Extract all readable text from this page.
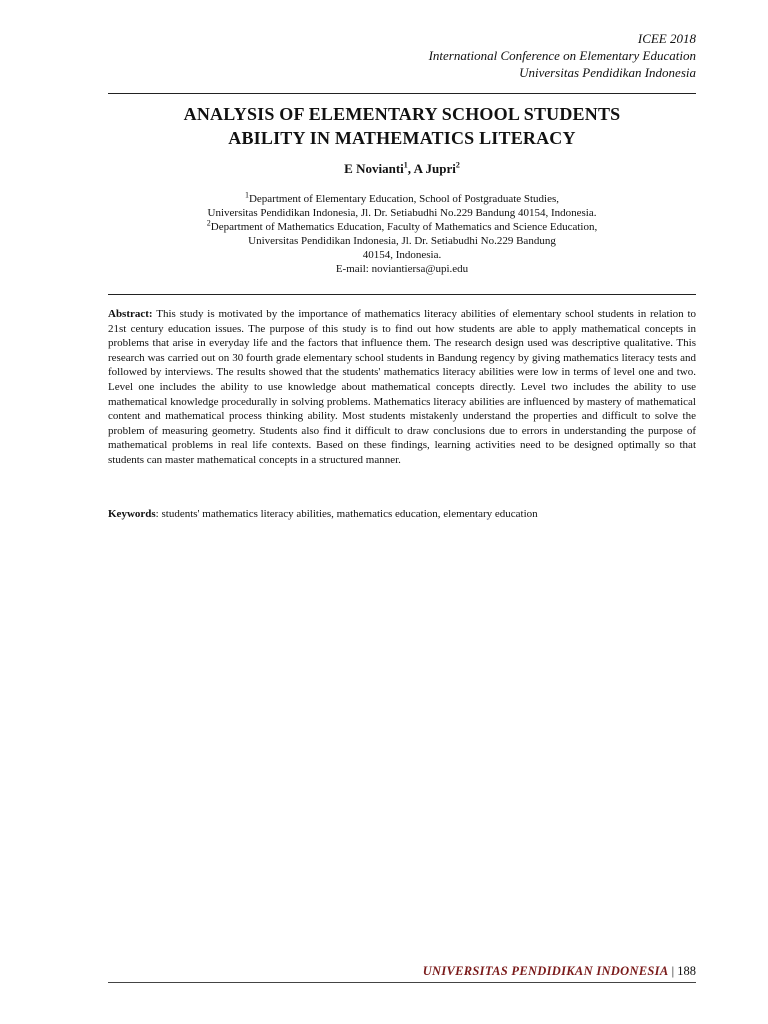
ICEE 2018
International Conference on Elementary Education
Universitas Pendidikan Indonesia
ANALYSIS OF ELEMENTARY SCHOOL STUDENTS
ABILITY IN MATHEMATICS LITERACY
E Novianti$^1$, A Jupri$^2$
$^1$Department of Elementary Education, School of Postgraduate Studies,
Universitas Pendidikan Indonesia, Jl. Dr. Setiabudhi No.229 Bandung 40154, Indonesia.
$^2$Department of Mathematics Education, Faculty of Mathematics and Science Education,
Universitas Pendidikan Indonesia, Jl. Dr. Setiabudhi No.229 Bandung
40154, Indonesia.
E-mail: noviantiersa@upi.edu
Abstract: This study is motivated by the importance of mathematics literacy abilities of elementary school students in relation to 21st century education issues. The purpose of this study is to find out how students are able to apply mathematical concepts in problems that arise in everyday life and the factors that influence them. The research design used was descriptive qualitative. This research was carried out on 30 fourth grade elementary school students in Bandung regency by giving mathematics literacy tests and followed by interviews. The results showed that the students' mathematics literacy abilities were low in terms of level one and two. Level one includes the ability to use knowledge about mathematical concepts directly. Level two includes the ability to use mathematical knowledge procedurally in solving problems. Mathematics literacy abilities are influenced by mastery of mathematical content and mathematical process thinking ability. Most students mistakenly understand the properties and difficult to solve the problem of measuring geometry. Students also find it difficult to draw conclusions due to errors in understanding the purpose of mathematical problems in real life contexts. Based on these findings, learning activities need to be designed optimally so that students can master mathematical concepts in a structured manner.
Keywords: students' mathematics literacy abilities, mathematics education, elementary education
UNIVERSITAS PENDIDIKAN INDONESIA | 188
